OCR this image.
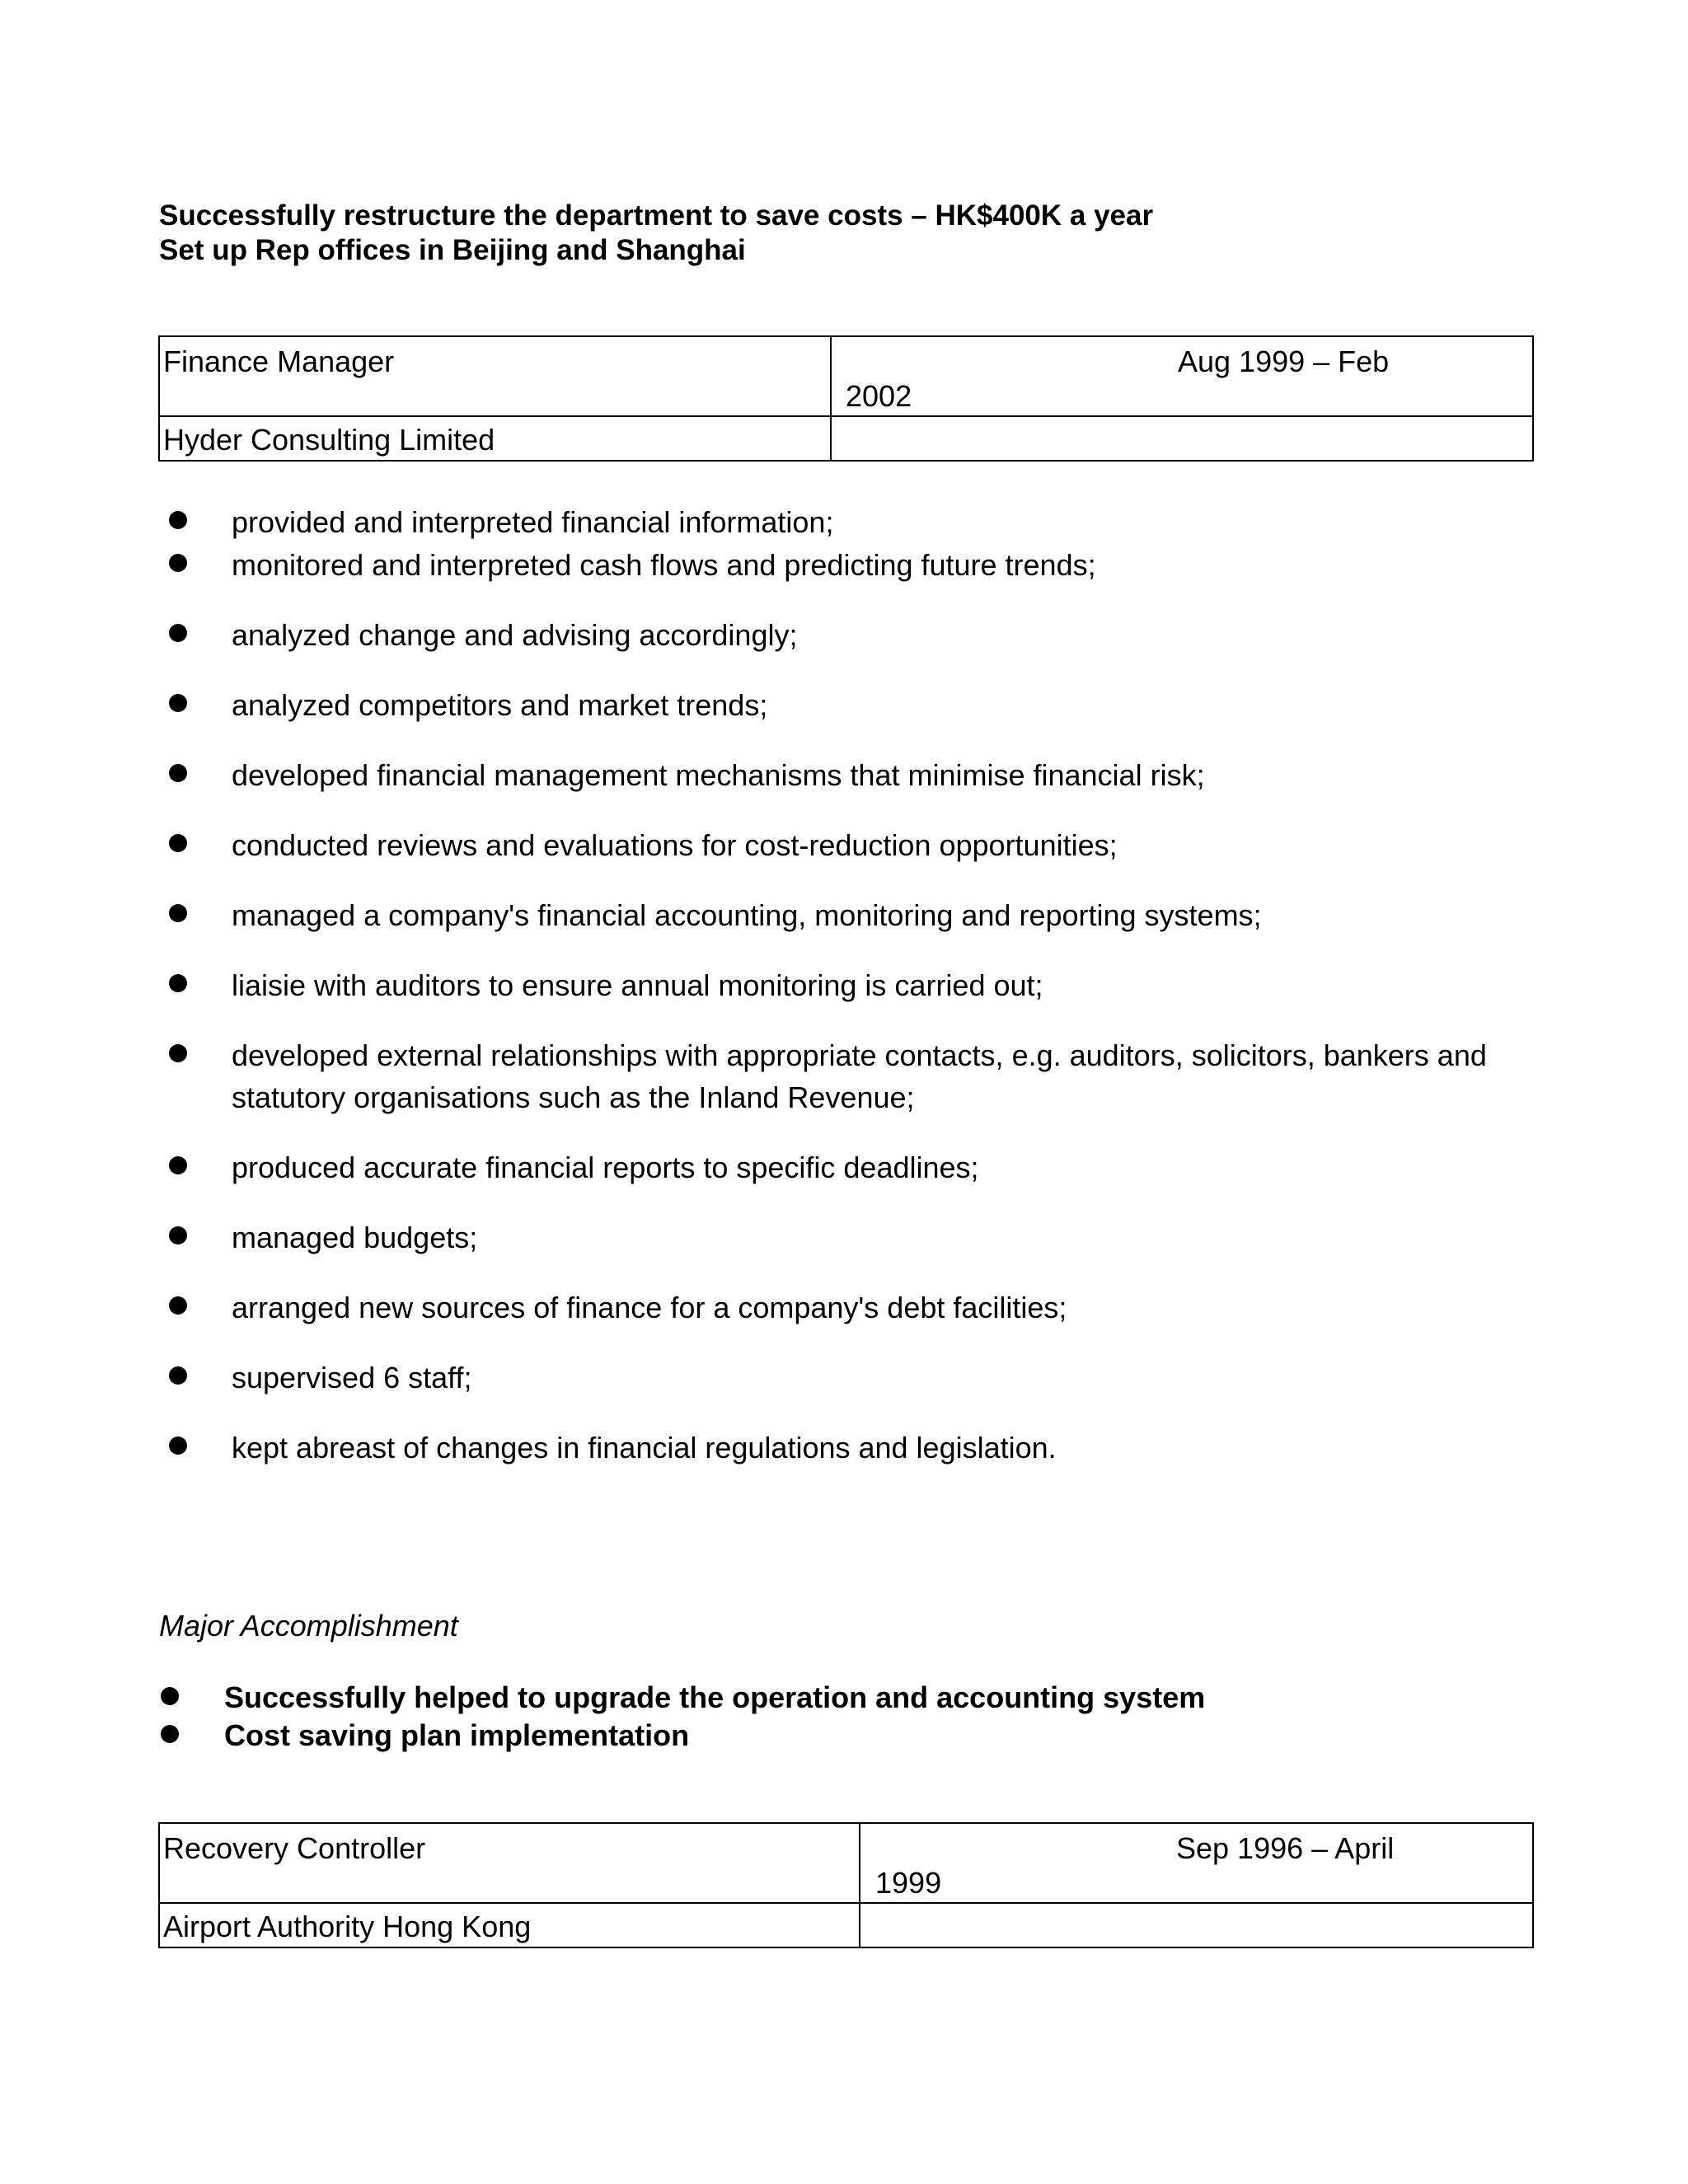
Successfully restructure the department to save costs – HK$400K a year
Set up Rep offices in Beijing and Shanghai
Finance Manager	Aug 1999 – Feb
2002

Hyder Consulting Limited	

provided and interpreted financial information;
monitored and interpreted cash flows and predicting future trends;
analyzed change and advising accordingly;
analyzed competitors and market trends;
developed financial management mechanisms that minimise financial risk;
conducted reviews and evaluations for cost-reduction opportunities;
managed a company's financial accounting, monitoring and reporting systems;
liaisie with auditors to ensure annual monitoring is carried out;
developed external relationships with appropriate contacts, e.g. auditors, solicitors, bankers and
statutory organisations such as the Inland Revenue;
produced accurate financial reports to specific deadlines;
managed budgets;
arranged new sources of finance for a company's debt facilities;
supervised 6 staff;
kept abreast of changes in financial regulations and legislation.
Major Accomplishment
Successfully helped to upgrade the operation and accounting system
Cost saving plan implementation
Recovery Controller	Sep 1996 – April
1999

Airport Authority Hong Kong	
